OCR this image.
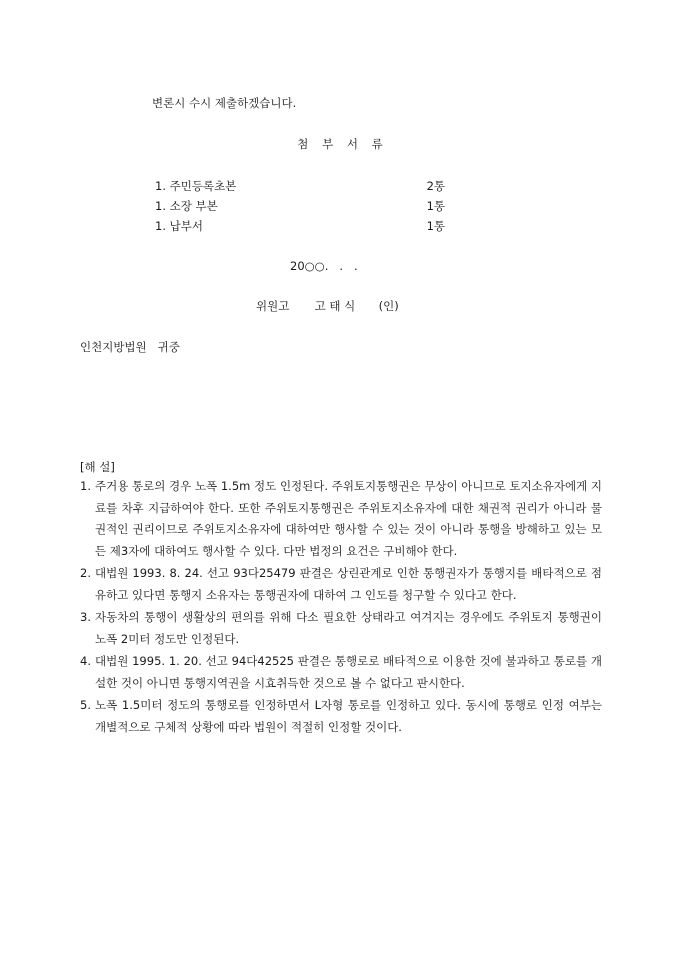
변론시 수시 제출하겠습니다.
첨 부 서 류
1. 주민등록초본	2통
1. 소장 부본	1통
1. 납부서	1통
20○○.   .   .
위원고 고 태 식 (인)
인천지방법원   귀중
[해 설]
1. 주거용 통로의 경우 노폭 1.5m 정도 인정된다. 주위토지통행권은 무상이 아니므로 토지소유자에게 지료를 차후 지급하여야 한다. 또한 주위토지통행권은 주위토지소유자에 대한 채권적 권리가 아니라 물권적인 권리이므로 주위토지소유자에 대하여만 행사할 수 있는 것이 아니라 통행을 방해하고 있는 모든 제3자에 대하여도 행사할 수 있다. 다만 법정의 요건은 구비해야 한다.
2. 대법원 1993. 8. 24. 선고 93다25479 판결은 상린관계로 인한 통행권자가 통행지를 배타적으로 점유하고 있다면 통행지 소유자는 통행권자에 대하여 그 인도를 청구할 수 있다고 한다.
3. 자동차의 통행이 생활상의 편의를 위해 다소 필요한 상태라고 여겨지는 경우에도 주위토지 통행권이 노폭 2미터 정도만 인정된다.
4. 대법원 1995. 1. 20. 선고 94다42525 판결은 통행로로 배타적으로 이용한 것에 불과하고 통로를 개설한 것이 아니면 통행지역권을 시효취득한 것으로 볼 수 없다고 판시한다.
5. 노폭 1.5미터 정도의 통행로를 인정하면서 L자형 통로를 인정하고 있다. 동시에 통행로 인정 여부는 개별적으로 구체적 상황에 따라 법원이 적절히 인정할 것이다.
